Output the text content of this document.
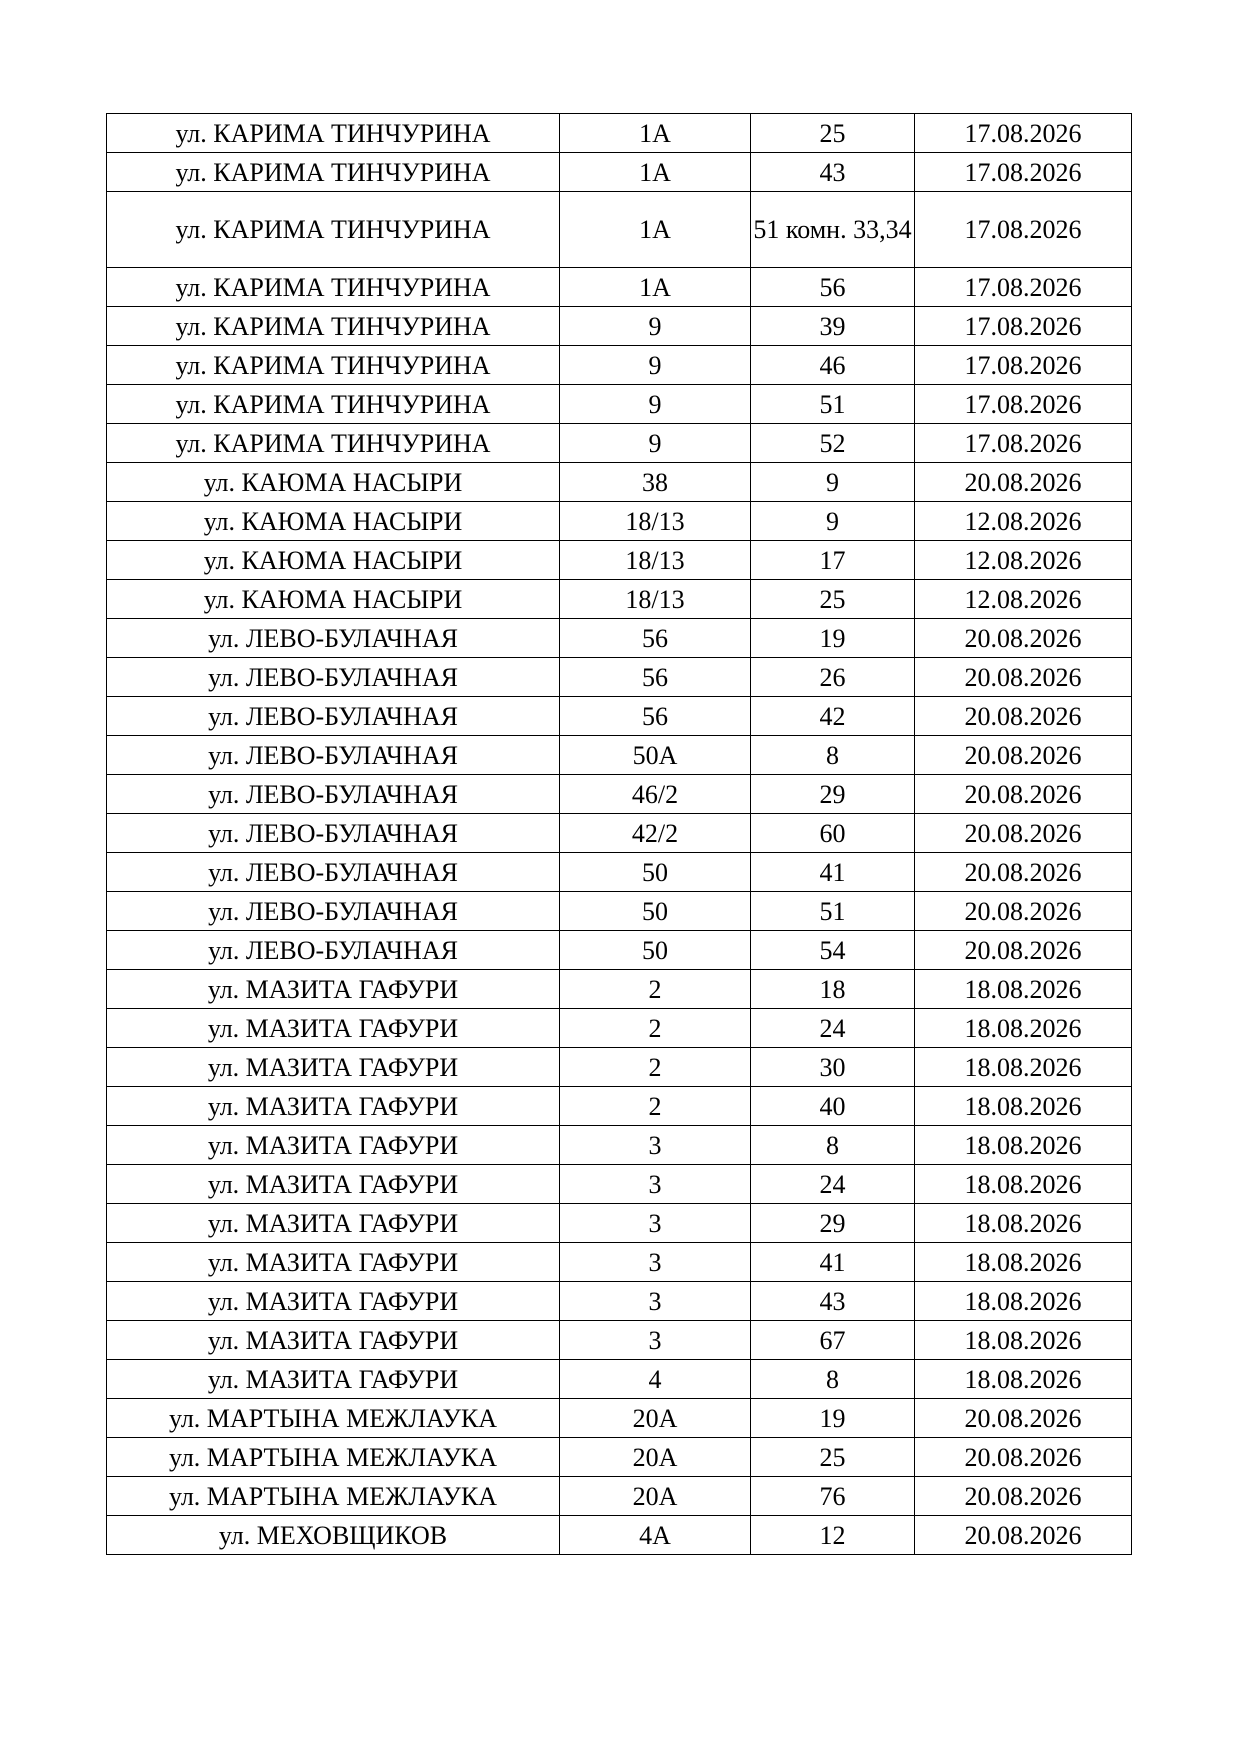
ул. КАРИМА ТИНЧУРИНА	1А	25	17.08.2026
ул. КАРИМА ТИНЧУРИНА	1А	43	17.08.2026
ул. КАРИМА ТИНЧУРИНА	1А	51 комн. 33,34	17.08.2026
ул. КАРИМА ТИНЧУРИНА	1А	56	17.08.2026
ул. КАРИМА ТИНЧУРИНА	9	39	17.08.2026
ул. КАРИМА ТИНЧУРИНА	9	46	17.08.2026
ул. КАРИМА ТИНЧУРИНА	9	51	17.08.2026
ул. КАРИМА ТИНЧУРИНА	9	52	17.08.2026
ул. КАЮМА НАСЫРИ	38	9	20.08.2026
ул. КАЮМА НАСЫРИ	18/13	9	12.08.2026
ул. КАЮМА НАСЫРИ	18/13	17	12.08.2026
ул. КАЮМА НАСЫРИ	18/13	25	12.08.2026
ул. ЛЕВО-БУЛАЧНАЯ	56	19	20.08.2026
ул. ЛЕВО-БУЛАЧНАЯ	56	26	20.08.2026
ул. ЛЕВО-БУЛАЧНАЯ	56	42	20.08.2026
ул. ЛЕВО-БУЛАЧНАЯ	50А	8	20.08.2026
ул. ЛЕВО-БУЛАЧНАЯ	46/2	29	20.08.2026
ул. ЛЕВО-БУЛАЧНАЯ	42/2	60	20.08.2026
ул. ЛЕВО-БУЛАЧНАЯ	50	41	20.08.2026
ул. ЛЕВО-БУЛАЧНАЯ	50	51	20.08.2026
ул. ЛЕВО-БУЛАЧНАЯ	50	54	20.08.2026
ул. МАЗИТА ГАФУРИ	2	18	18.08.2026
ул. МАЗИТА ГАФУРИ	2	24	18.08.2026
ул. МАЗИТА ГАФУРИ	2	30	18.08.2026
ул. МАЗИТА ГАФУРИ	2	40	18.08.2026
ул. МАЗИТА ГАФУРИ	3	8	18.08.2026
ул. МАЗИТА ГАФУРИ	3	24	18.08.2026
ул. МАЗИТА ГАФУРИ	3	29	18.08.2026
ул. МАЗИТА ГАФУРИ	3	41	18.08.2026
ул. МАЗИТА ГАФУРИ	3	43	18.08.2026
ул. МАЗИТА ГАФУРИ	3	67	18.08.2026
ул. МАЗИТА ГАФУРИ	4	8	18.08.2026
ул. МАРТЫНА МЕЖЛАУКА	20А	19	20.08.2026
ул. МАРТЫНА МЕЖЛАУКА	20А	25	20.08.2026
ул. МАРТЫНА МЕЖЛАУКА	20А	76	20.08.2026
ул. МЕХОВЩИКОВ	4А	12	20.08.2026
